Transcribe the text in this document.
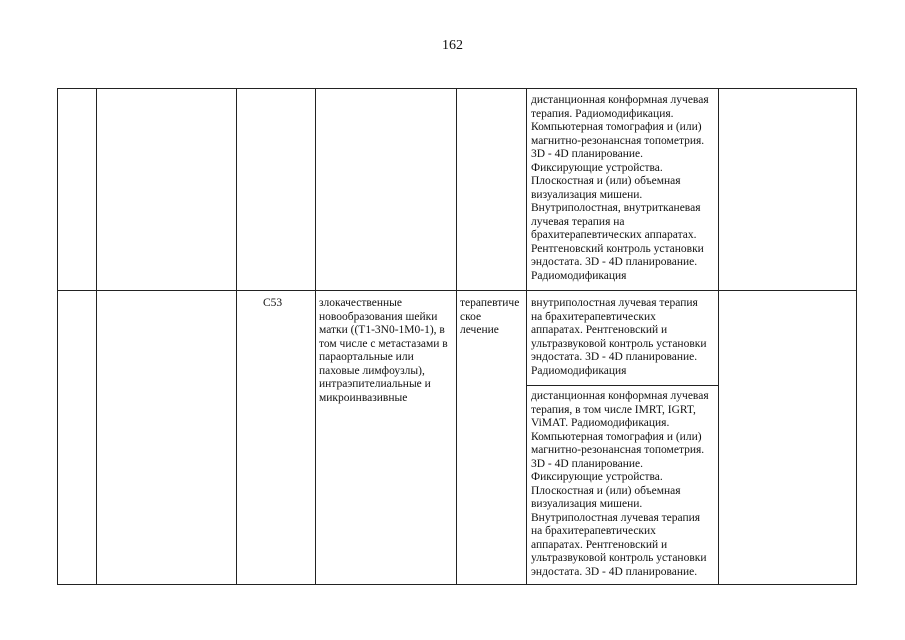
162
дистанционная конформная лучевая
терапия. Радиомодификация.
Компьютерная томография и (или)
магнитно-резонансная топометрия.
3D - 4D планирование.
Фиксирующие устройства.
Плоскостная и (или) объемная
визуализация мишени.
Внутриполостная, внутритканевая
лучевая терапия на
брахитерапевтических аппаратах.
Рентгеновский контроль установки
эндостата. 3D - 4D планирование.
Радиомодификация
C53	злокачественные
новообразования шейки
матки ((T1-3N0-1M0-1), в
том числе с метастазами в
параортальные или
паховые лимфоузлы),
интраэпителиальные и
микроинвазивные
терапевтиче
ское
лечение
внутриполостная лучевая терапия
на брахитерапевтических
аппаратах. Рентгеновский и
ультразвуковой контроль установки
эндостата. 3D - 4D планирование.
Радиомодификация
дистанционная конформная лучевая
терапия, в том числе IMRT, IGRT,
ViMAT. Радиомодификация.
Компьютерная томография и (или)
магнитно-резонансная топометрия.
3D - 4D планирование.
Фиксирующие устройства.
Плоскостная и (или) объемная
визуализация мишени.
Внутриполостная лучевая терапия
на брахитерапевтических
аппаратах. Рентгеновский и
ультразвуковой контроль установки
эндостата. 3D - 4D планирование.
